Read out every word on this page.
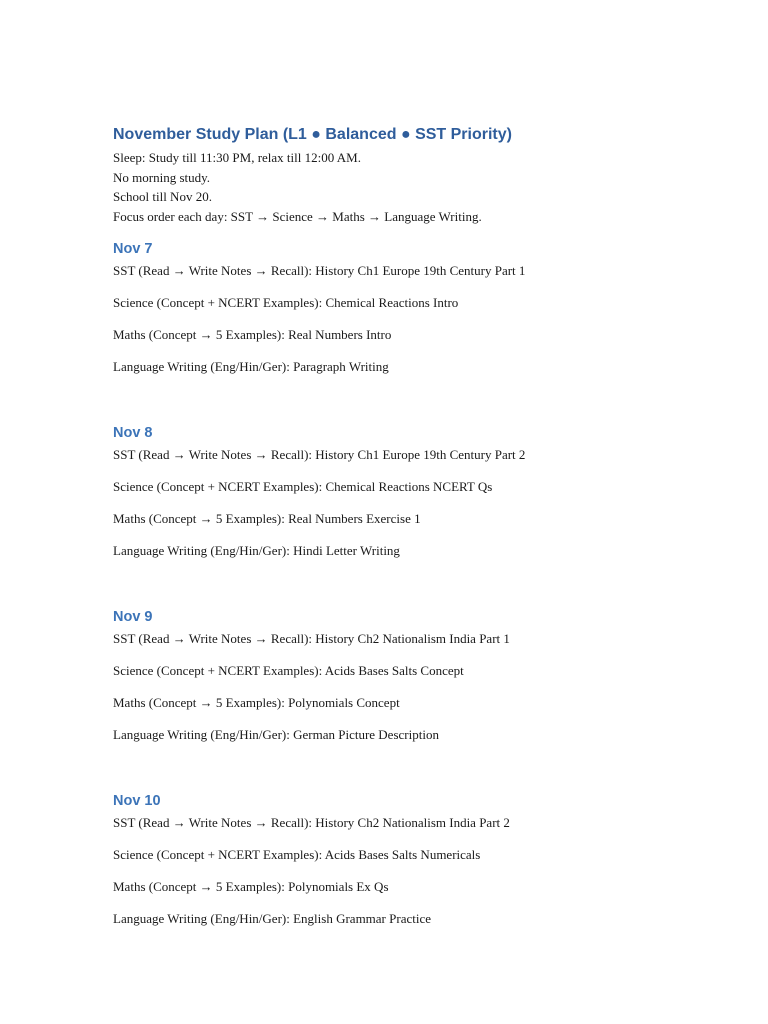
November Study Plan (L1 ● Balanced ● SST Priority)

Sleep: Study till 11:30 PM, relax till 12:00 AM.

No morning study.

School till Nov 20.

Focus order each day: SST → Science → Maths → Language Writing.

Nov 7

SST (Read → Write Notes → Recall): History Ch1 Europe 19th Century Part 1

Science (Concept + NCERT Examples): Chemical Reactions Intro

Maths (Concept → 5 Examples): Real Numbers Intro

Language Writing (Eng/Hin/Ger): Paragraph Writing

Nov 8

SST (Read → Write Notes → Recall): History Ch1 Europe 19th Century Part 2

Science (Concept + NCERT Examples): Chemical Reactions NCERT Qs

Maths (Concept → 5 Examples): Real Numbers Exercise 1

Language Writing (Eng/Hin/Ger): Hindi Letter Writing

Nov 9

SST (Read → Write Notes → Recall): History Ch2 Nationalism India Part 1

Science (Concept + NCERT Examples): Acids Bases Salts Concept

Maths (Concept → 5 Examples): Polynomials Concept

Language Writing (Eng/Hin/Ger): German Picture Description

Nov 10

SST (Read → Write Notes → Recall): History Ch2 Nationalism India Part 2

Science (Concept + NCERT Examples): Acids Bases Salts Numericals

Maths (Concept → 5 Examples): Polynomials Ex Qs

Language Writing (Eng/Hin/Ger): English Grammar Practice
